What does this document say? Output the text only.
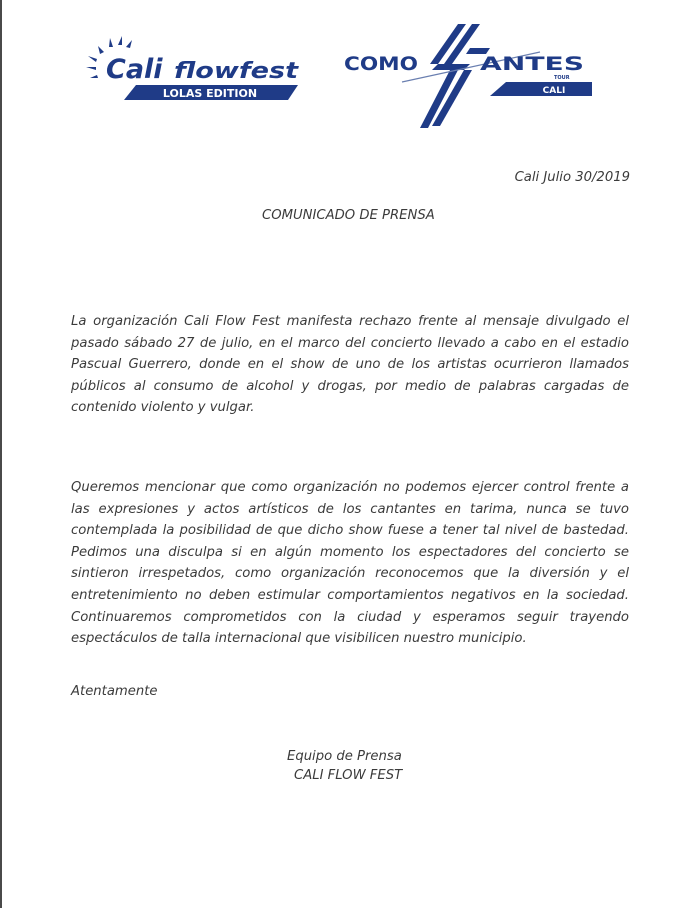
Cali flowfest
LOLAS EDITION
COMO	ANTES
TOUR
CALI
Cali Julio 30/2019
COMUNICADO DE PRENSA
La organización Cali Flow Fest manifesta rechazo frente al mensaje divulgado el
pasado sábado 27 de julio, en el marco del concierto llevado a cabo en el estadio
Pascual Guerrero, donde en el show de uno de los artistas ocurrieron llamados
públicos al consumo de alcohol y drogas, por medio de palabras cargadas de
contenido violento y vulgar.
Queremos mencionar que como organización no podemos ejercer control frente a
las expresiones y actos artísticos de los cantantes en tarima, nunca se tuvo
contemplada la posibilidad de que dicho show fuese a tener tal nivel de bastedad.
Pedimos una disculpa si en algún momento los espectadores del concierto se
sintieron irrespetados, como organización reconocemos que la diversión y el
entretenimiento no deben estimular comportamientos negativos en la sociedad.
Continuaremos comprometidos con la ciudad y esperamos seguir trayendo
espectáculos de talla internacional que visibilicen nuestro municipio.
Atentamente
Equipo de Prensa
CALI FLOW FEST
